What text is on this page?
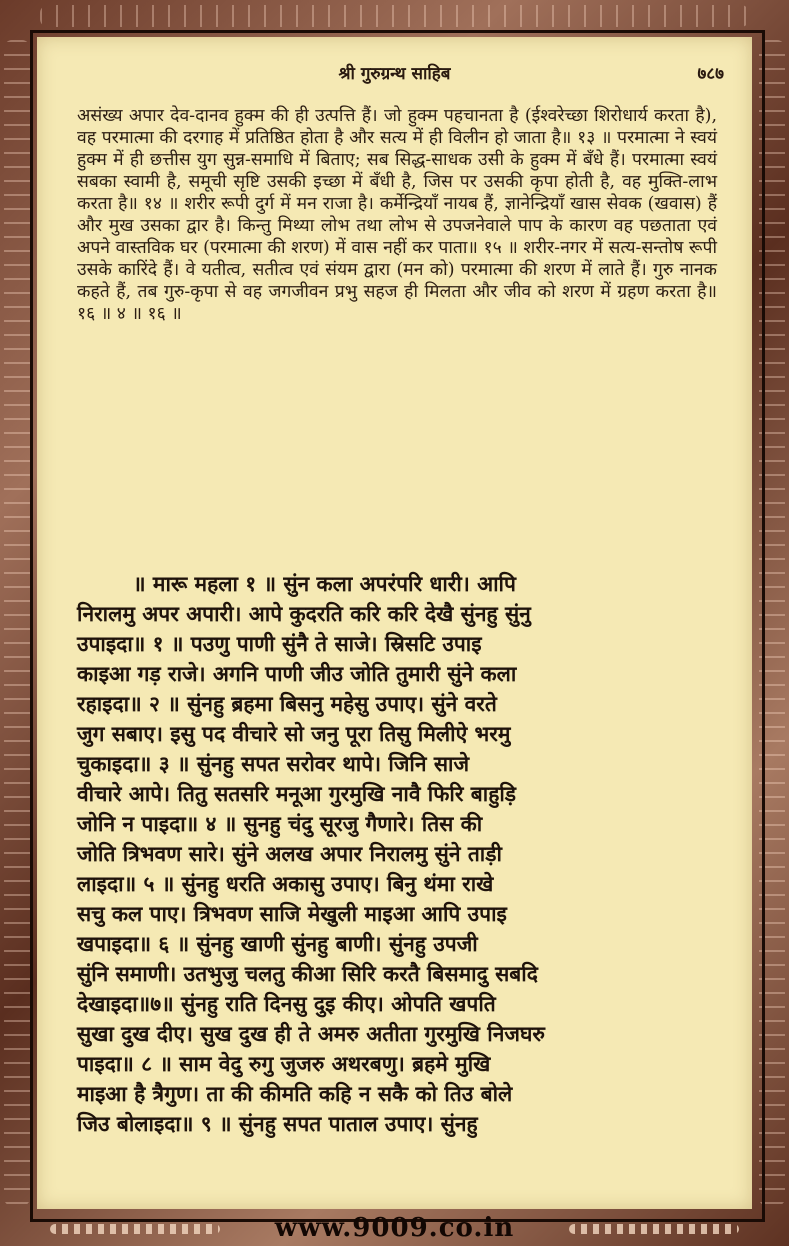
श्री गुरुग्रन्थ साहिब	७८७
असंख्य अपार देव-दानव हुक्म की ही उत्पत्ति हैं। जो हुक्म पहचानता है (ईश्वरेच्छा शिरोधार्य करता है), वह परमात्मा की दरगाह में प्रतिष्ठित होता है और सत्य में ही विलीन हो जाता है॥ १३ ॥ परमात्मा ने स्वयं हुक्म में ही छत्तीस युग सुन्न-समाधि में बिताए; सब सिद्ध-साधक उसी के हुक्म में बँधे हैं। परमात्मा स्वयं सबका स्वामी है, समूची सृष्टि उसकी इच्छा में बँधी है, जिस पर उसकी कृपा होती है, वह मुक्ति-लाभ करता है॥ १४ ॥ शरीर रूपी दुर्ग में मन राजा है। कर्मेन्द्रियाँ नायब हैं, ज्ञानेन्द्रियाँ खास सेवक (खवास) हैं और मुख उसका द्वार है। किन्तु मिथ्या लोभ तथा लोभ से उपजनेवाले पाप के कारण वह पछताता एवं अपने वास्तविक घर (परमात्मा की शरण) में वास नहीं कर पाता॥ १५ ॥ शरीर-नगर में सत्य-सन्तोष रूपी उसके कारिंदे हैं। वे यतीत्व, सतीत्व एवं संयम द्वारा (मन को) परमात्मा की शरण में लाते हैं। गुरु नानक कहते हैं, तब गुरु-कृपा से वह जगजीवन प्रभु सहज ही मिलता और जीव को शरण में ग्रहण करता है॥ १६ ॥ ४ ॥ १६ ॥
॥ मारू महला १ ॥ सुंन कला अपरंपरि धारी। आपि
निरालमु अपर अपारी। आपे कुदरति करि करि देखै सुंनहु सुंनु
उपाइदा॥ १ ॥ पउणु पाणी सुंनै ते साजे। स्रिसटि उपाइ
काइआ गड़ राजे। अगनि पाणी जीउ जोति तुमारी सुंने कला
रहाइदा॥ २ ॥ सुंनहु ब्रहमा बिसनु महेसु उपाए। सुंने वरते
जुग सबाए। इसु पद वीचारे सो जनु पूरा तिसु मिलीऐ भरमु
चुकाइदा॥ ३ ॥ सुंनहु सपत सरोवर थापे। जिनि साजे
वीचारे आपे। तितु सतसरि मनूआ गुरमुखि नावै फिरि बाहुड़ि
जोनि न पाइदा॥ ४ ॥ सुनहु चंदु सूरजु गैणारे। तिस की
जोति त्रिभवण सारे। सुंने अलख अपार निरालमु सुंने ताड़ी
लाइदा॥ ५ ॥ सुंनहु धरति अकासु उपाए। बिनु थंमा राखे
सचु कल पाए। त्रिभवण साजि मेखुली माइआ आपि उपाइ
खपाइदा॥ ६ ॥ सुंनहु खाणी सुंनहु बाणी। सुंनहु उपजी
सुंनि समाणी। उतभुजु चलतु कीआ सिरि करतै बिसमादु सबदि
देखाइदा॥७॥ सुंनहु राति दिनसु दुइ कीए। ओपति खपति
सुखा दुख दीए। सुख दुख ही ते अमरु अतीता गुरमुखि निजघरु
पाइदा॥ ८ ॥ साम वेदु रुगु जुजरु अथरबणु। ब्रहमे मुखि
माइआ है त्रैगुण। ता की कीमति कहि न सकै को तिउ बोले
जिउ बोलाइदा॥ ९ ॥ सुंनहु सपत पाताल उपाए। सुंनहु
www.9009.co.in
